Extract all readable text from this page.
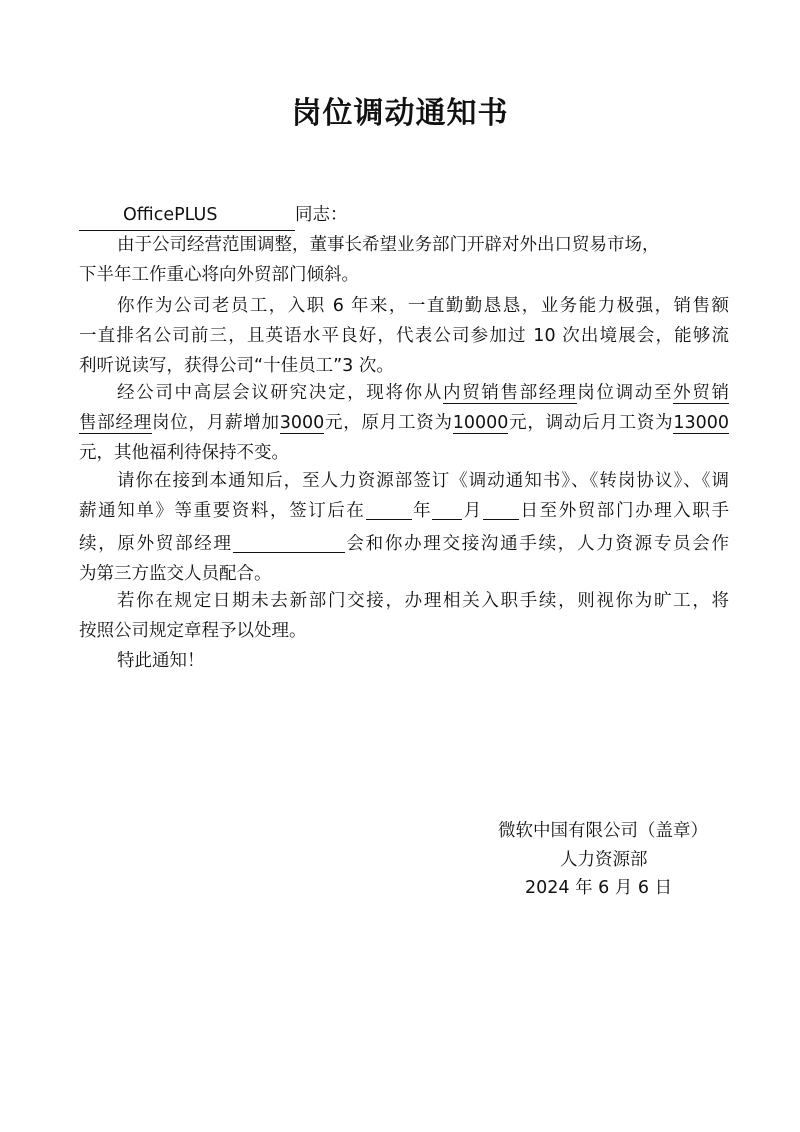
岗位调动通知书
OfficePLUS	同志：
由于公司经营范围调整，董事长希望业务部门开辟对外出口贸易市场，
下半年工作重心将向外贸部门倾斜。
你作为公司老员工，入职 6 年来，一直勤勤恳恳，业务能力极强，销售额
一直排名公司前三，且英语水平良好，代表公司参加过 10 次出境展会，能够流
利听说读写，获得公司“十佳员工”3 次。
经公司中高层会议研究决定，现将你从内贸销售部经理岗位调动至外贸销
售部经理岗位，月薪增加3000元，原月工资为10000元，调动后月工资为13000
元，其他福利待保持不变。
请你在接到本通知后，至人力资源部签订《调动通知书》、《转岗协议》、《调
薪通知单》等重要资料，签订后在	年 月 日至外贸部门办理入职手
续，原外贸部经理	会和你办理交接沟通手续，人力资源专员会作
为第三方监交人员配合。
若你在规定日期未去新部门交接，办理相关入职手续，则视你为旷工，将
按照公司规定章程予以处理。
特此通知！
微软中国有限公司（盖章）
人力资源部
2024 年 6 月 6 日
